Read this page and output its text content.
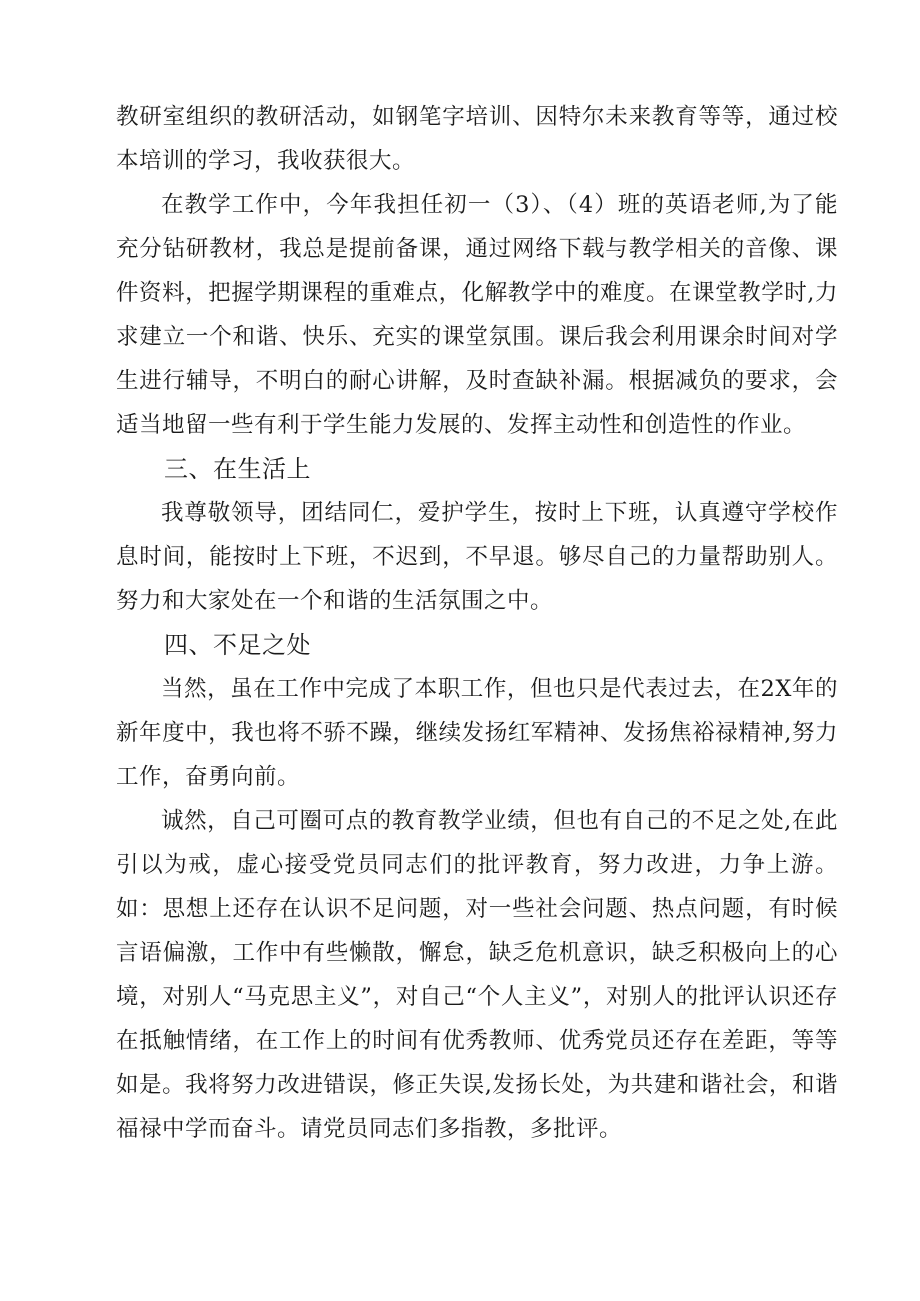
教研室组织的教研活动，如钢笔字培训、因特尔未来教育等等，通过校本培训的学习，我收获很大。

在教学工作中，今年我担任初一（3）、（4）班的英语老师,为了能充分钻研教材，我总是提前备课，通过网络下载与教学相关的音像、课件资料，把握学期课程的重难点，化解教学中的难度。在课堂教学时,力求建立一个和谐、快乐、充实的课堂氛围。课后我会利用课余时间对学生进行辅导，不明白的耐心讲解，及时查缺补漏。根据减负的要求，会适当地留一些有利于学生能力发展的、发挥主动性和创造性的作业。

三、在生活上

我尊敬领导，团结同仁，爱护学生，按时上下班，认真遵守学校作息时间，能按时上下班，不迟到，不早退。够尽自己的力量帮助别人。努力和大家处在一个和谐的生活氛围之中。

四、不足之处

当然，虽在工作中完成了本职工作，但也只是代表过去，在2X年的新年度中，我也将不骄不躁，继续发扬红军精神、发扬焦裕禄精神,努力工作，奋勇向前。

诚然，自己可圈可点的教育教学业绩，但也有自己的不足之处,在此引以为戒，虚心接受党员同志们的批评教育，努力改进，力争上游。如：思想上还存在认识不足问题，对一些社会问题、热点问题，有时候言语偏激，工作中有些懒散，懈怠，缺乏危机意识，缺乏积极向上的心境，对别人“马克思主义”，对自己“个人主义”，对别人的批评认识还存在抵触情绪，在工作上的时间有优秀教师、优秀党员还存在差距，等等如是。我将努力改进错误，修正失误,发扬长处，为共建和谐社会，和谐福禄中学而奋斗。请党员同志们多指教，多批评。
